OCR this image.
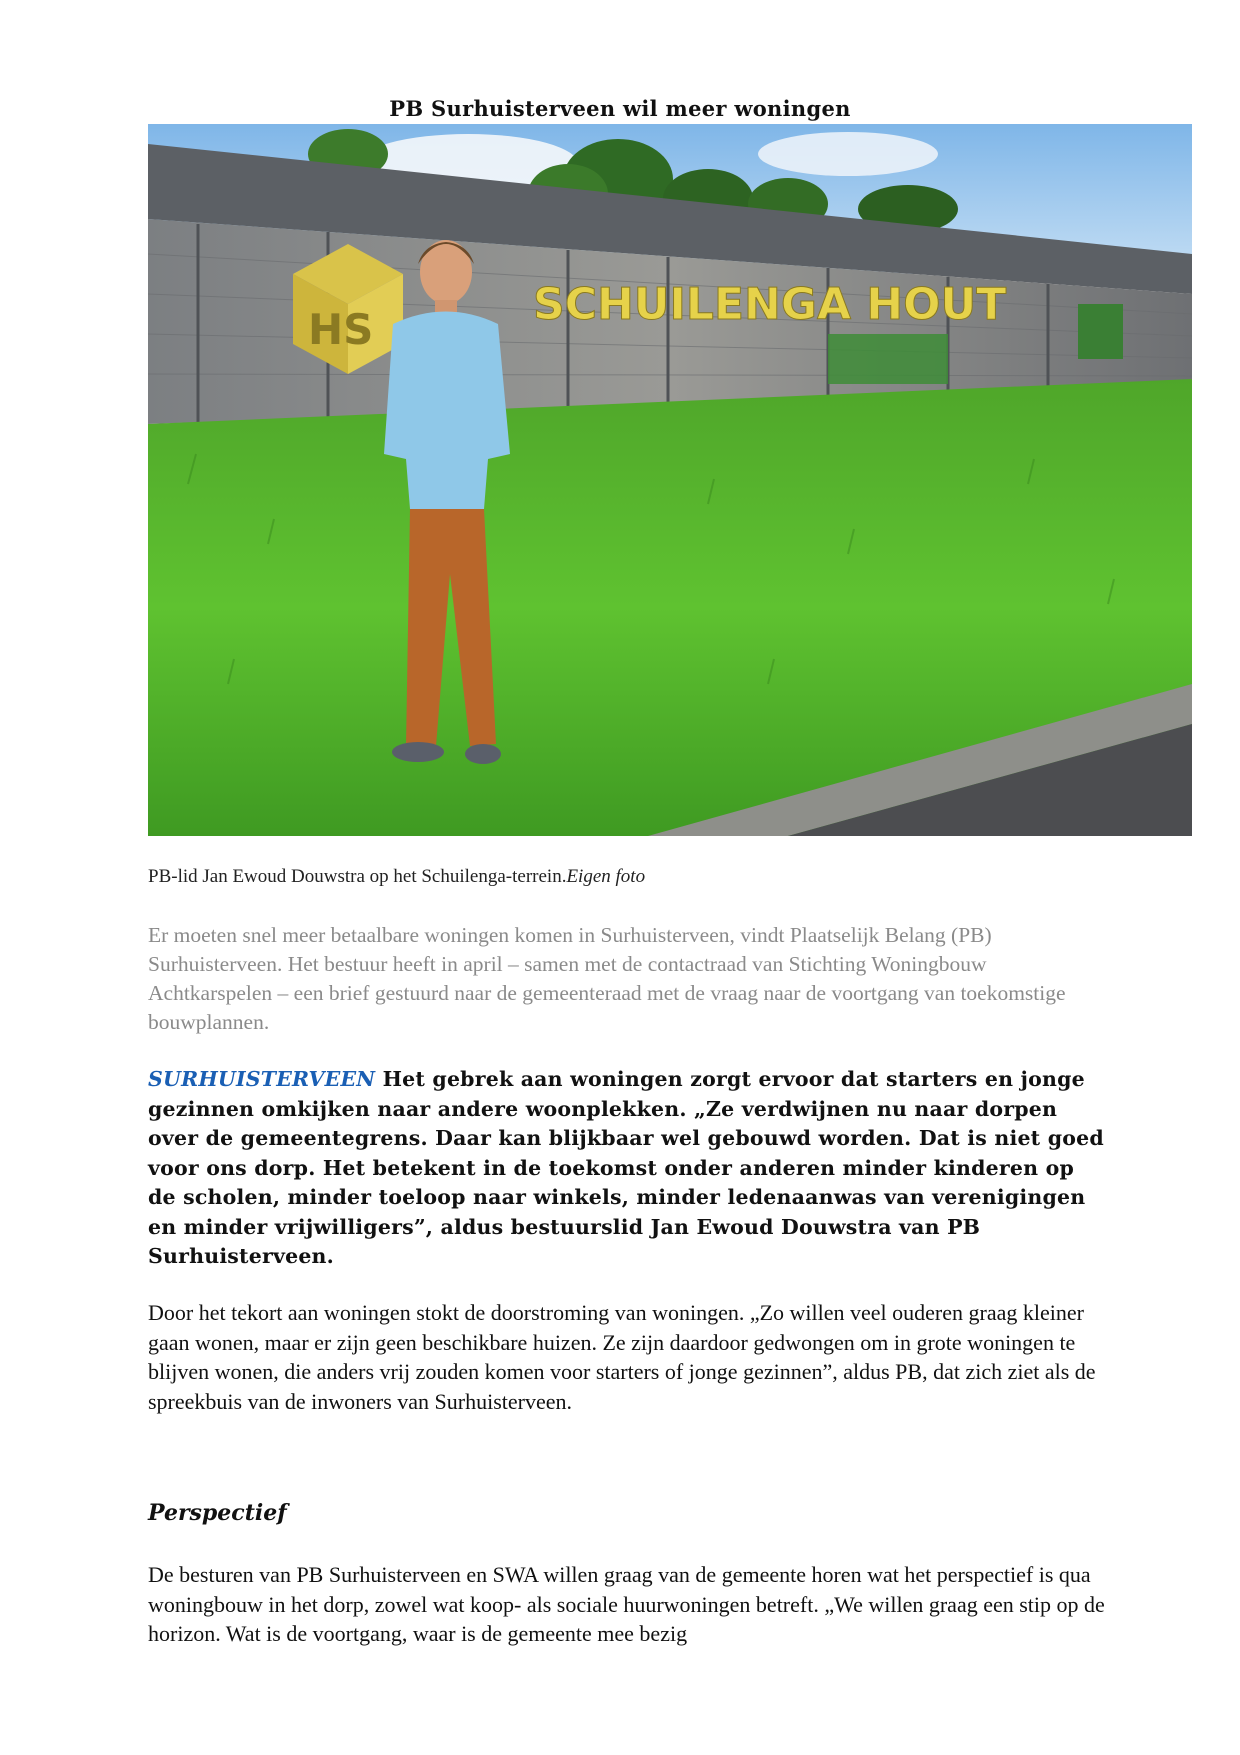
PB Surhuisterveen wil meer woningen
HS	SCHUILENGA HOUT
PB-lid Jan Ewoud Douwstra op het Schuilenga-terrein.Eigen foto
Er moeten snel meer betaalbare woningen komen in Surhuisterveen, vindt Plaatselijk Belang (PB) Surhuisterveen. Het bestuur heeft in april – samen met de contactraad van Stichting Woningbouw Achtkarspelen – een brief gestuurd naar de gemeenteraad met de vraag naar de voortgang van toekomstige bouwplannen.
SURHUISTERVEEN Het gebrek aan woningen zorgt ervoor dat starters en jonge gezinnen omkijken naar andere woonplekken. „Ze verdwijnen nu naar dorpen over de gemeentegrens. Daar kan blijkbaar wel gebouwd worden. Dat is niet goed voor ons dorp. Het betekent in de toekomst onder anderen minder kinderen op de scholen, minder toeloop naar winkels, minder ledenaanwas van verenigingen en minder vrijwilligers”, aldus bestuurslid Jan Ewoud Douwstra van PB Surhuisterveen.
Door het tekort aan woningen stokt de doorstroming van woningen. „Zo willen veel ouderen graag kleiner gaan wonen, maar er zijn geen beschikbare huizen. Ze zijn daardoor gedwongen om in grote woningen te blijven wonen, die anders vrij zouden komen voor starters of jonge gezinnen”, aldus PB, dat zich ziet als de spreekbuis van de inwoners van Surhuisterveen.
Perspectief
De besturen van PB Surhuisterveen en SWA willen graag van de gemeente horen wat het perspectief is qua woningbouw in het dorp, zowel wat koop- als sociale huurwoningen betreft. „We willen graag een stip op de horizon. Wat is de voortgang, waar is de gemeente mee bezig
